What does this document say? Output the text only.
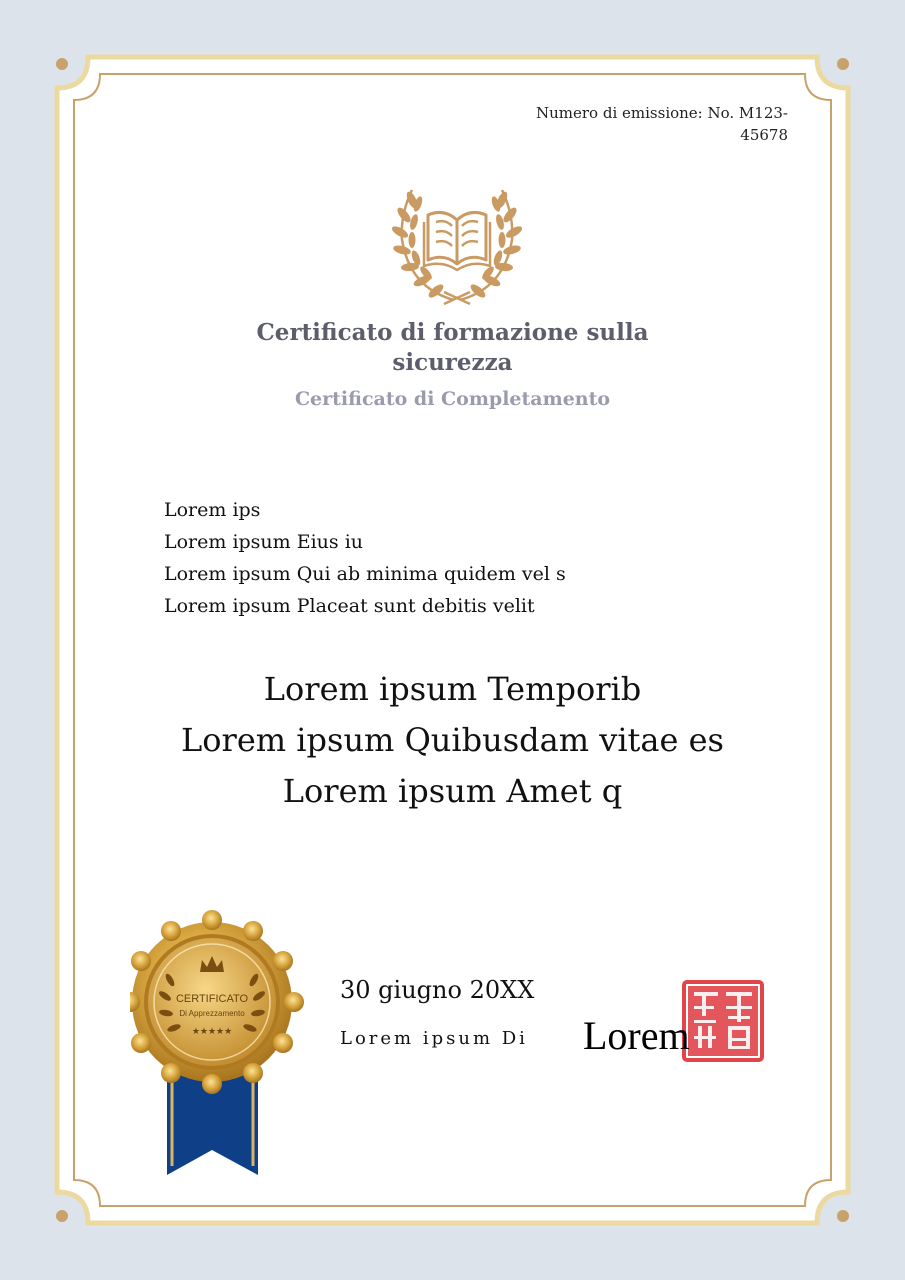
Numero di emissione: No. M123-45678
Certificato di formazione sulla sicurezza
Certificato di Completamento
Lorem ips
Lorem ipsum Eius iu
Lorem ipsum Qui ab minima quidem vel s
Lorem ipsum Placeat sunt debitis velit
Lorem ipsum Temporib
Lorem ipsum Quibusdam vitae es
Lorem ipsum Amet q
CERTIFICATO
Di Apprezzamento
★★★★★
30 giugno 20XX
Lorem ipsum Di Lorem
